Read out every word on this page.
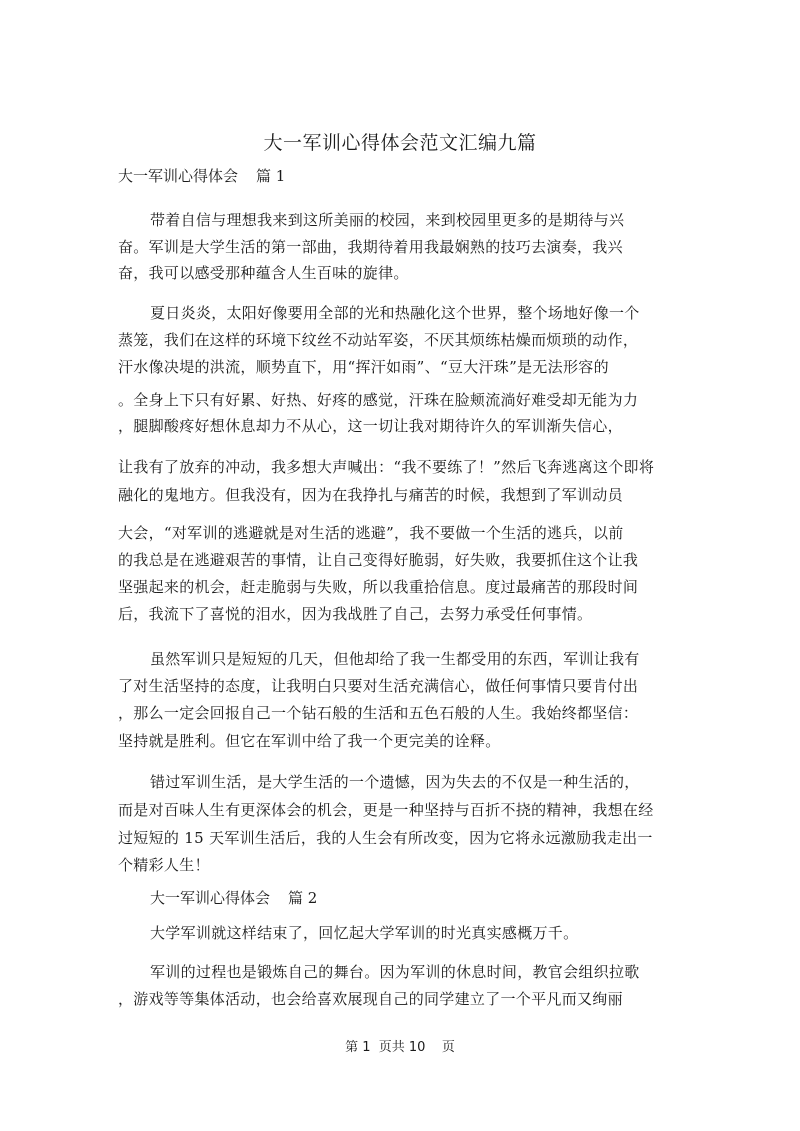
大一军训心得体会范文汇编九篇
大一军训心得体会 篇 1
带着自信与理想我来到这所美丽的校园，来到校园里更多的是期待与兴
奋。军训是大学生活的第一部曲，我期待着用我最娴熟的技巧去演奏，我兴
奋，我可以感受那种蕴含人生百味的旋律。
夏日炎炎，太阳好像要用全部的光和热融化这个世界，整个场地好像一个
蒸笼，我们在这样的环境下纹丝不动站军姿，不厌其烦练枯燥而烦琐的动作，
汗水像决堤的洪流，顺势直下，用“挥汗如雨”、“豆大汗珠”是无法形容的
。全身上下只有好累、好热、好疼的感觉，汗珠在脸颊流淌好难受却无能为力
，腿脚酸疼好想休息却力不从心，这一切让我对期待许久的军训渐失信心，
让我有了放弃的冲动，我多想大声喊出：“我不要练了！”然后飞奔逃离这个即将
融化的鬼地方。但我没有，因为在我挣扎与痛苦的时候，我想到了军训动员
大会，“对军训的逃避就是对生活的逃避”，我不要做一个生活的逃兵，以前
的我总是在逃避艰苦的事情，让自己变得好脆弱，好失败，我要抓住这个让我
坚强起来的机会，赶走脆弱与失败，所以我重拾信息。度过最痛苦的那段时间
后，我流下了喜悦的泪水，因为我战胜了自己，去努力承受任何事情。
虽然军训只是短短的几天，但他却给了我一生都受用的东西，军训让我有
了对生活坚持的态度，让我明白只要对生活充满信心，做任何事情只要肯付出
，那么一定会回报自己一个钻石般的生活和五色石般的人生。我始终都坚信：
坚持就是胜利。但它在军训中给了我一个更完美的诠释。
错过军训生活，是大学生活的一个遗憾，因为失去的不仅是一种生活的，
而是对百味人生有更深体会的机会，更是一种坚持与百折不挠的精神，我想在经
过短短的 15 天军训生活后，我的人生会有所改变，因为它将永远激励我走出一
个精彩人生！
大一军训心得体会 篇 2
大学军训就这样结束了，回忆起大学军训的时光真实感概万千。
军训的过程也是锻炼自己的舞台。因为军训的休息时间，教官会组织拉歌
，游戏等等集体活动，也会给喜欢展现自己的同学建立了一个平凡而又绚丽
第 1  页共 10    页
